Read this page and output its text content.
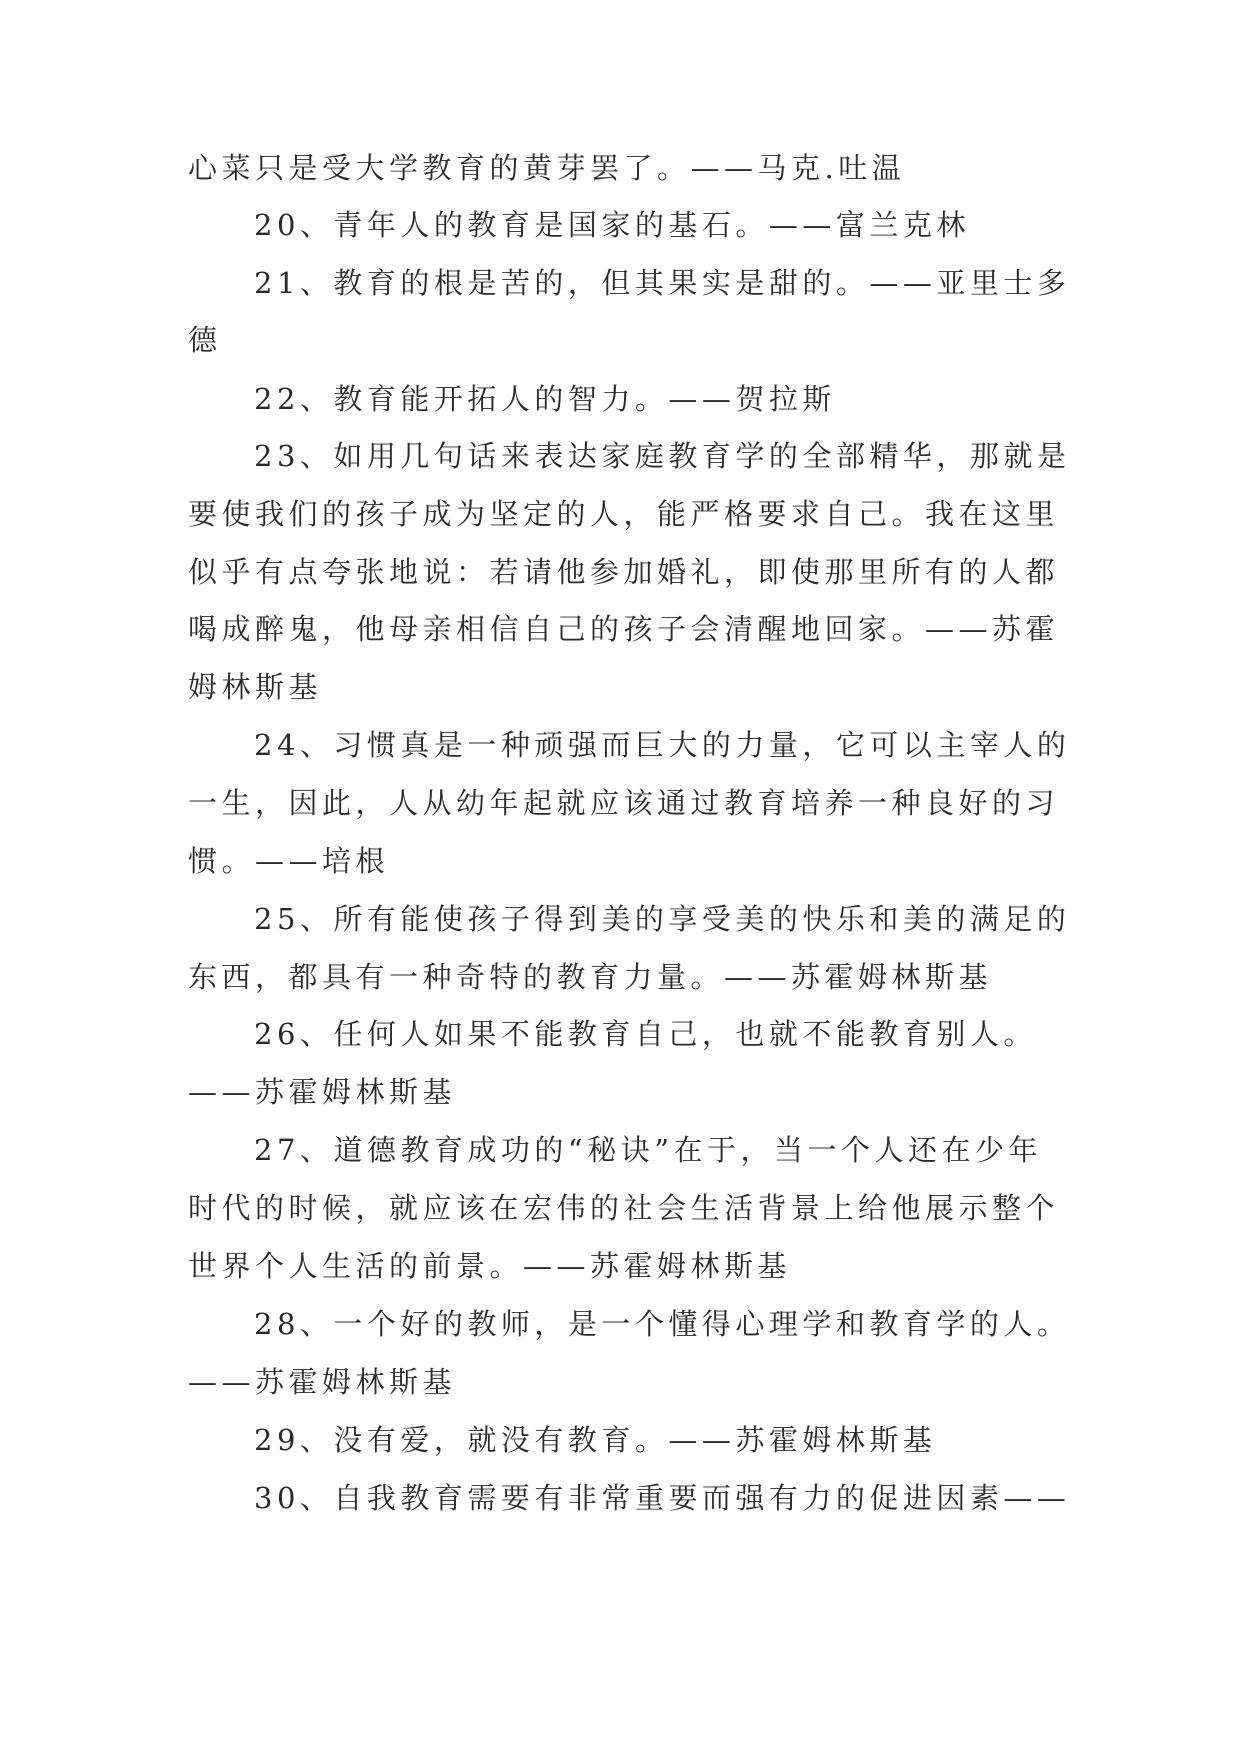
心菜只是受大学教育的黄芽罢了。——马克.吐温
20、青年人的教育是国家的基石。——富兰克林
21、教育的根是苦的，但其果实是甜的。——亚里士多
德
22、教育能开拓人的智力。——贺拉斯
23、如用几句话来表达家庭教育学的全部精华，那就是
要使我们的孩子成为坚定的人，能严格要求自己。我在这里
似乎有点夸张地说：若请他参加婚礼，即使那里所有的人都
喝成醉鬼，他母亲相信自己的孩子会清醒地回家。——苏霍
姆林斯基
24、习惯真是一种顽强而巨大的力量，它可以主宰人的
一生，因此，人从幼年起就应该通过教育培养一种良好的习
惯。——培根
25、所有能使孩子得到美的享受美的快乐和美的满足的
东西，都具有一种奇特的教育力量。——苏霍姆林斯基
26、任何人如果不能教育自己，也就不能教育别人。
——苏霍姆林斯基
27、道德教育成功的“秘诀”在于，当一个人还在少年
时代的时候，就应该在宏伟的社会生活背景上给他展示整个
世界个人生活的前景。——苏霍姆林斯基
28、一个好的教师，是一个懂得心理学和教育学的人。
——苏霍姆林斯基
29、没有爱，就没有教育。——苏霍姆林斯基
30、自我教育需要有非常重要而强有力的促进因素——
